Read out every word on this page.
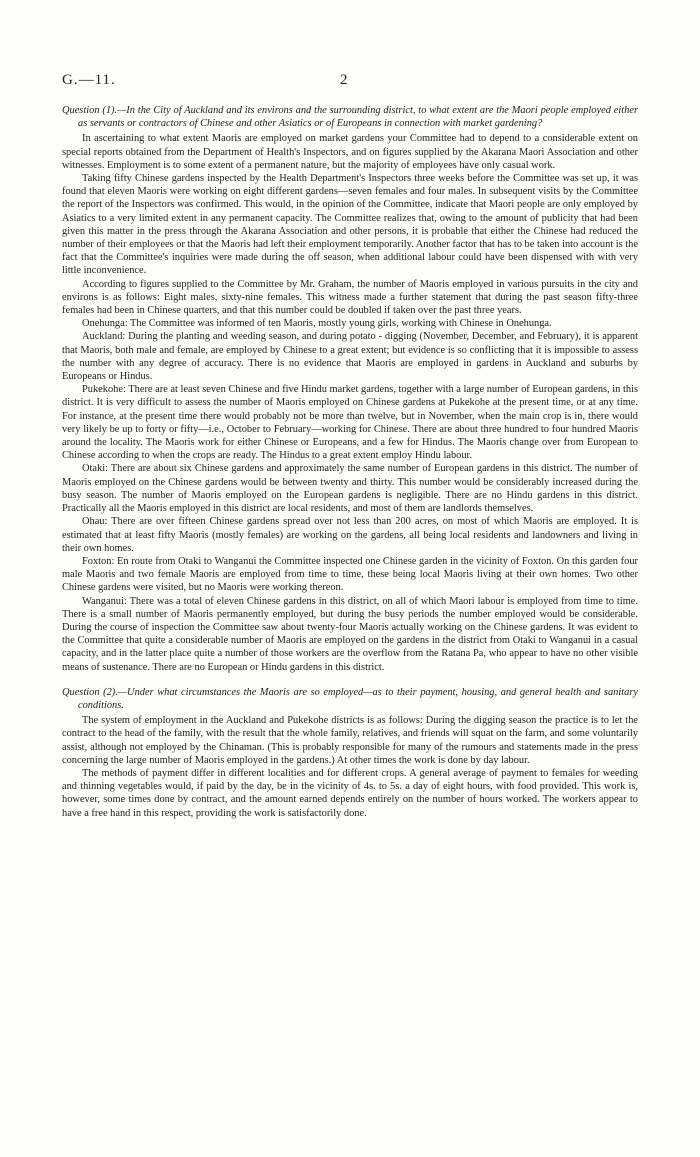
G.—11.	2

Question (1).—In the City of Auckland and its environs and the surrounding district, to what extent are the Maori people employed either as servants or contractors of Chinese and other Asiatics or of Europeans in connection with market gardening?

In ascertaining to what extent Maoris are employed on market gardens your Committee had to depend to a considerable extent on special reports obtained from the Department of Health's Inspectors, and on figures supplied by the Akarana Maori Association and other witnesses. Employment is to some extent of a permanent nature, but the majority of employees have only casual work.

Taking fifty Chinese gardens inspected by the Health Department's Inspectors three weeks before the Committee was set up, it was found that eleven Maoris were working on eight different gardens—seven females and four males. In subsequent visits by the Committee the report of the Inspectors was confirmed. This would, in the opinion of the Committee, indicate that Maori people are only employed by Asiatics to a very limited extent in any permanent capacity. The Committee realizes that, owing to the amount of publicity that had been given this matter in the press through the Akarana Association and other persons, it is probable that either the Chinese had reduced the number of their employees or that the Maoris had left their employment temporarily. Another factor that has to be taken into account is the fact that the Committee's inquiries were made during the off season, when additional labour could have been dispensed with with very little inconvenience.

According to figures supplied to the Committee by Mr. Graham, the number of Maoris employed in various pursuits in the city and environs is as follows: Eight males, sixty-nine females. This witness made a further statement that during the past season fifty-three females had been in Chinese quarters, and that this number could be doubled if taken over the past three years.

Onehunga: The Committee was informed of ten Maoris, mostly young girls, working with Chinese in Onehunga.

Auckland: During the planting and weeding season, and during potato - digging (November, December, and February), it is apparent that Maoris, both male and female, are employed by Chinese to a great extent; but evidence is so conflicting that it is impossible to assess the number with any degree of accuracy. There is no evidence that Maoris are employed in gardens in Auckland and suburbs by Europeans or Hindus.

Pukekohe: There are at least seven Chinese and five Hindu market gardens, together with a large number of European gardens, in this district. It is very difficult to assess the number of Maoris employed on Chinese gardens at Pukekohe at the present time, or at any time. For instance, at the present time there would probably not be more than twelve, but in November, when the main crop is in, there would very likely be up to forty or fifty—i.e., October to February—working for Chinese. There are about three hundred to four hundred Maoris around the locality. The Maoris work for either Chinese or Europeans, and a few for Hindus. The Maoris change over from European to Chinese according to when the crops are ready. The Hindus to a great extent employ Hindu labour.

Otaki: There are about six Chinese gardens and approximately the same number of European gardens in this district. The number of Maoris employed on the Chinese gardens would be between twenty and thirty. This number would be considerably increased during the busy season. The number of Maoris employed on the European gardens is negligible. There are no Hindu gardens in this district. Practically all the Maoris employed in this district are local residents, and most of them are landlords themselves.

Ohau: There are over fifteen Chinese gardens spread over not less than 200 acres, on most of which Maoris are employed. It is estimated that at least fifty Maoris (mostly females) are working on the gardens, all being local residents and landowners and living in their own homes.

Foxton: En route from Otaki to Wanganui the Committee inspected one Chinese garden in the vicinity of Foxton. On this garden four male Maoris and two female Maoris are employed from time to time, these being local Maoris living at their own homes. Two other Chinese gardens were visited, but no Maoris were working thereon.

Wanganui: There was a total of eleven Chinese gardens in this district, on all of which Maori labour is employed from time to time. There is a small number of Maoris permanently employed, but during the busy periods the number employed would be considerable. During the course of inspection the Committee saw about twenty-four Maoris actually working on the Chinese gardens. It was evident to the Committee that quite a considerable number of Maoris are employed on the gardens in the district from Otaki to Wanganui in a casual capacity, and in the latter place quite a number of those workers are the overflow from the Ratana Pa, who appear to have no other visible means of sustenance. There are no European or Hindu gardens in this district.

Question (2).—Under what circumstances the Maoris are so employed—as to their payment, housing, and general health and sanitary conditions.

The system of employment in the Auckland and Pukekohe districts is as follows: During the digging season the practice is to let the contract to the head of the family, with the result that the whole family, relatives, and friends will squat on the farm, and some voluntarily assist, although not employed by the Chinaman. (This is probably responsible for many of the rumours and statements made in the press concerning the large number of Maoris employed in the gardens.) At other times the work is done by day labour.

The methods of payment differ in different localities and for different crops. A general average of payment to females for weeding and thinning vegetables would, if paid by the day, be in the vicinity of 4s. to 5s. a day of eight hours, with food provided. This work is, however, some times done by contract, and the amount earned depends entirely on the number of hours worked. The workers appear to have a free hand in this respect, providing the work is satisfactorily done.
